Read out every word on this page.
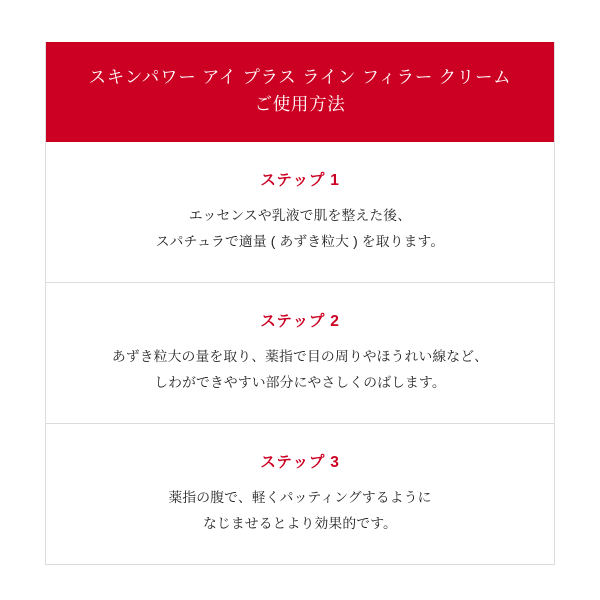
スキンパワー アイ プラス ライン フィラー クリーム
ご使用方法
ステップ 1
エッセンスや乳液で肌を整えた後、
スパチュラで適量 ( あずき粒大 ) を取ります。
ステップ 2
あずき粒大の量を取り、薬指で目の周りやほうれい線など、
しわができやすい部分にやさしくのばします。
ステップ 3
薬指の腹で、軽くパッティングするように
なじませるとより効果的です。
